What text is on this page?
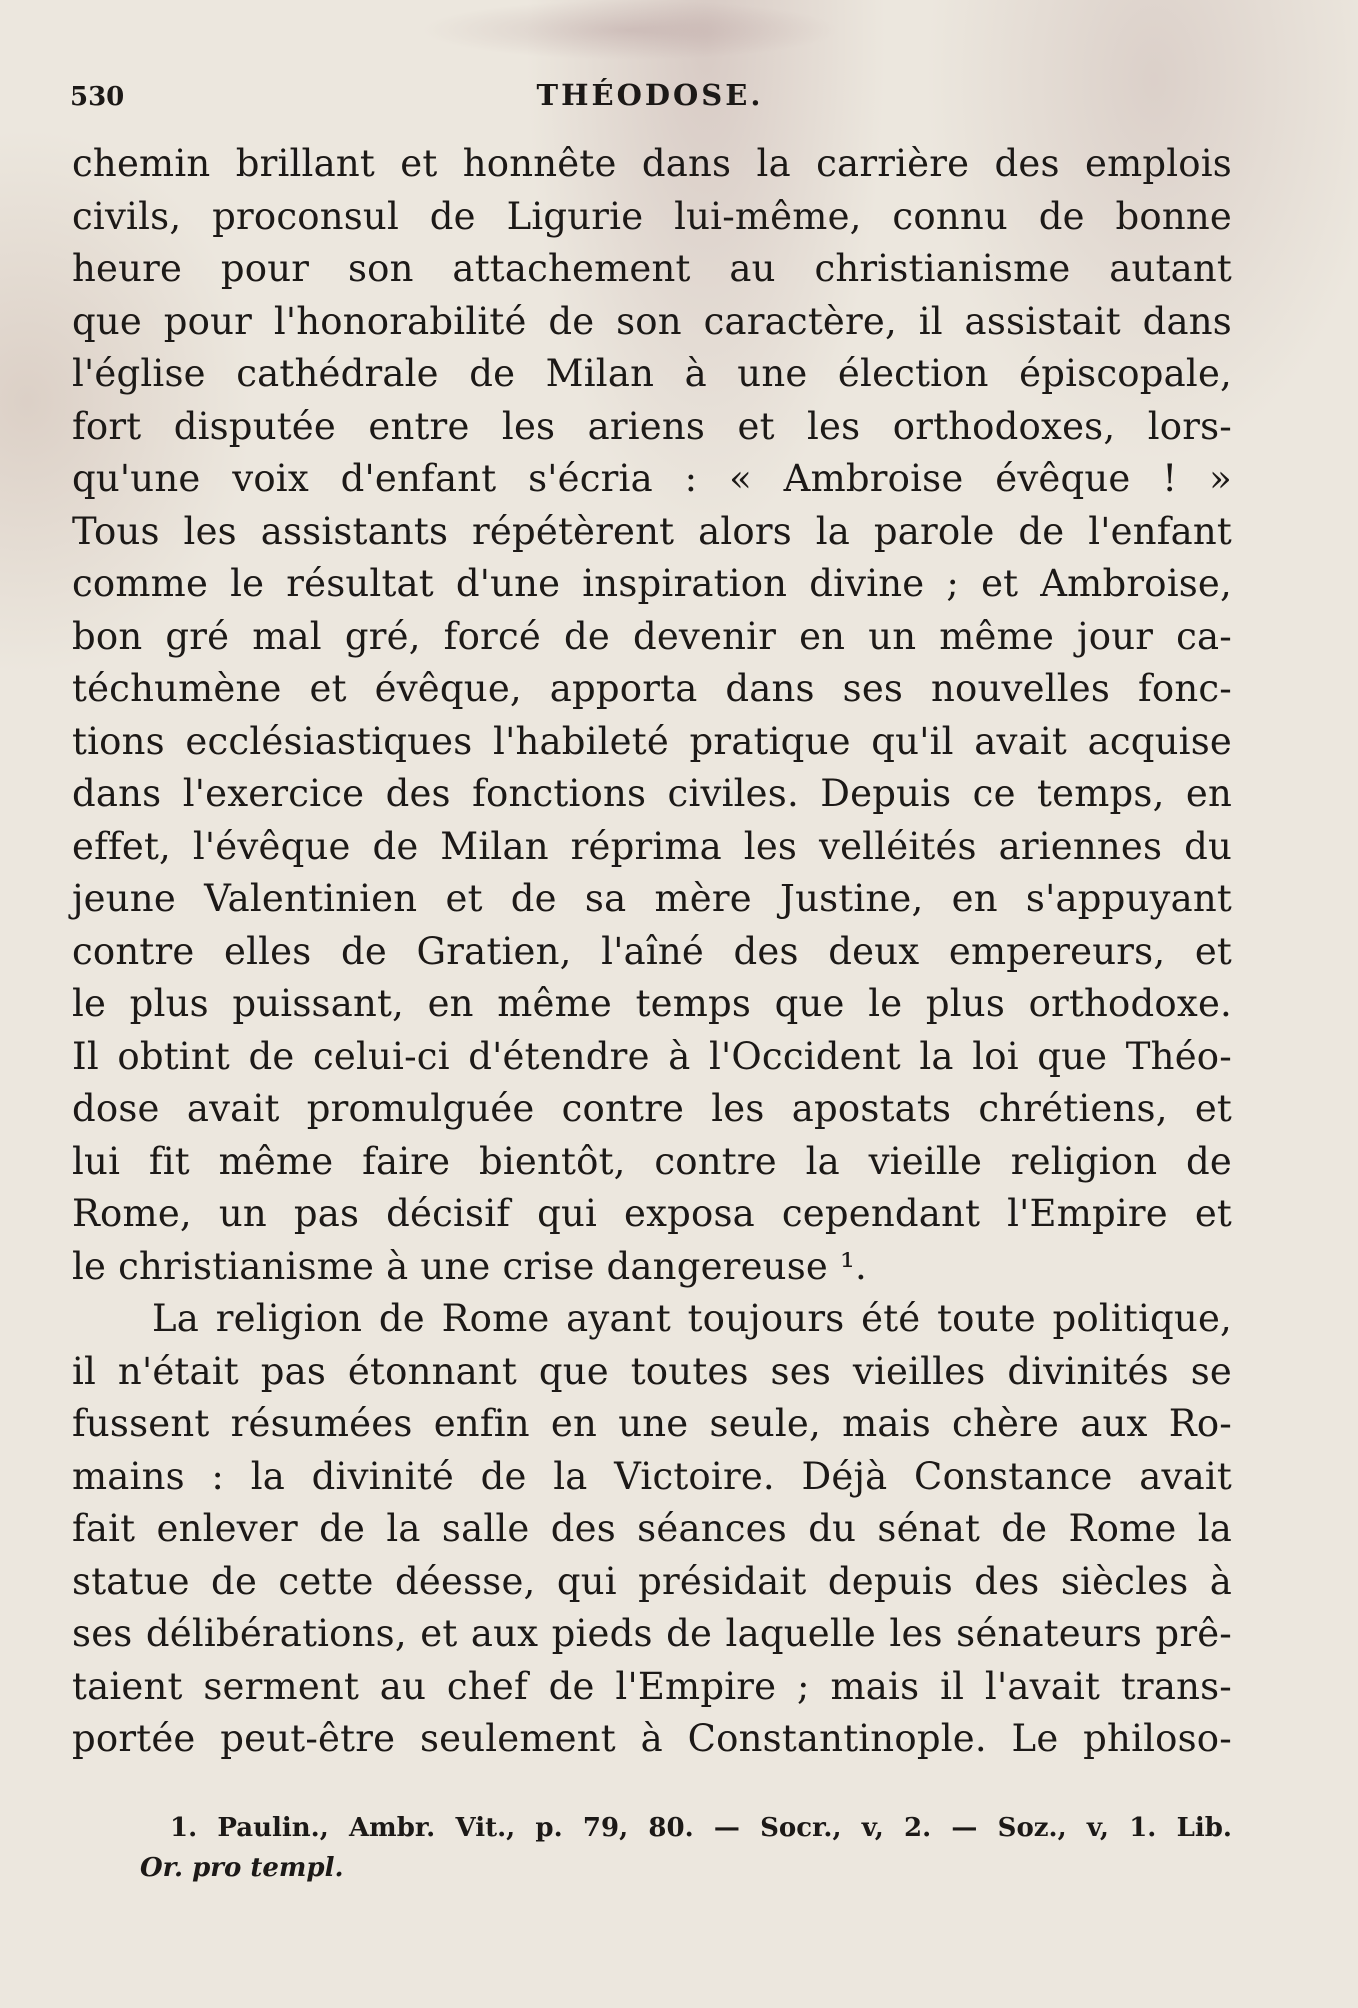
530	THÉODOSE.
chemin brillant et honnête dans la carrière des emplois
civils, proconsul de Ligurie lui-même, connu de bonne
heure pour son attachement au christianisme autant
que pour l'honorabilité de son caractère, il assistait dans
l'église cathédrale de Milan à une élection épiscopale,
fort disputée entre les ariens et les orthodoxes, lors-
qu'une voix d'enfant s'écria : « Ambroise évêque ! »
Tous les assistants répétèrent alors la parole de l'enfant
comme le résultat d'une inspiration divine ; et Ambroise,
bon gré mal gré, forcé de devenir en un même jour ca-
téchumène et évêque, apporta dans ses nouvelles fonc-
tions ecclésiastiques l'habileté pratique qu'il avait acquise
dans l'exercice des fonctions civiles. Depuis ce temps, en
effet, l'évêque de Milan réprima les velléités ariennes du
jeune Valentinien et de sa mère Justine, en s'appuyant
contre elles de Gratien, l'aîné des deux empereurs, et
le plus puissant, en même temps que le plus orthodoxe.
Il obtint de celui-ci d'étendre à l'Occident la loi que Théo-
dose avait promulguée contre les apostats chrétiens, et
lui fit même faire bientôt, contre la vieille religion de
Rome, un pas décisif qui exposa cependant l'Empire et
le christianisme à une crise dangereuse ¹.
La religion de Rome ayant toujours été toute politique,
il n'était pas étonnant que toutes ses vieilles divinités se
fussent résumées enfin en une seule, mais chère aux Ro-
mains : la divinité de la Victoire. Déjà Constance avait
fait enlever de la salle des séances du sénat de Rome la
statue de cette déesse, qui présidait depuis des siècles à
ses délibérations, et aux pieds de laquelle les sénateurs prê-
taient serment au chef de l'Empire ; mais il l'avait trans-
portée peut-être seulement à Constantinople. Le philoso-
1. Paulin., Ambr. Vit., p. 79, 80. — Socr., v, 2. — Soz., v, 1. Lib.
Or. pro templ.
